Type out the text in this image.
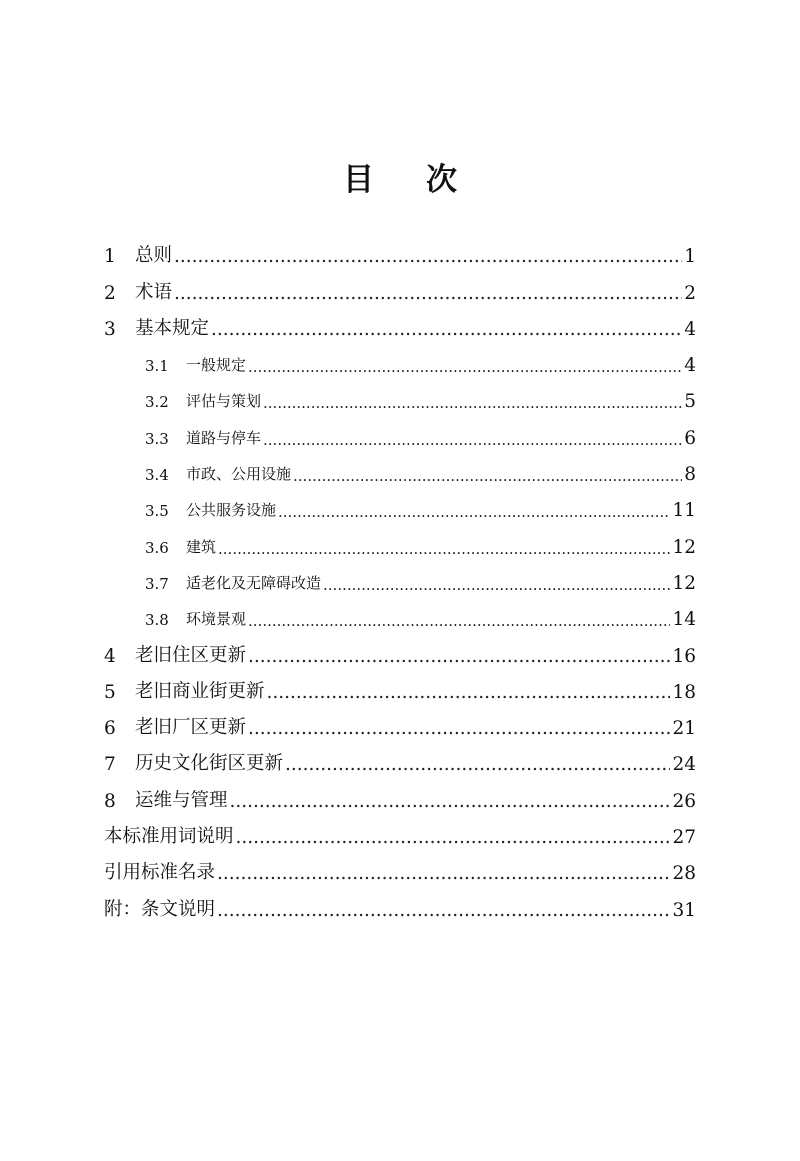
目 次
1	总则 .....	1
2	术语 .....	2
3	基本规定 .....	4
3.1	一般规定 .....	4
3.2	评估与策划 .....	5
3.3	道路与停车 .....	6
3.4	市政、公用设施 .....	8
3.5	公共服务设施 .....	11
3.6	建筑 .....	12
3.7	适老化及无障碍改造 .....	12
3.8	环境景观 .....	14
4	老旧住区更新 .....	16
5	老旧商业街更新 .....	18
6	老旧厂区更新 .....	21
7	历史文化街区更新 .....	24
8	运维与管理 .....	26
本标准用词说明 .....	27
引用标准名录 .....	28
附：条文说明 .....	31
